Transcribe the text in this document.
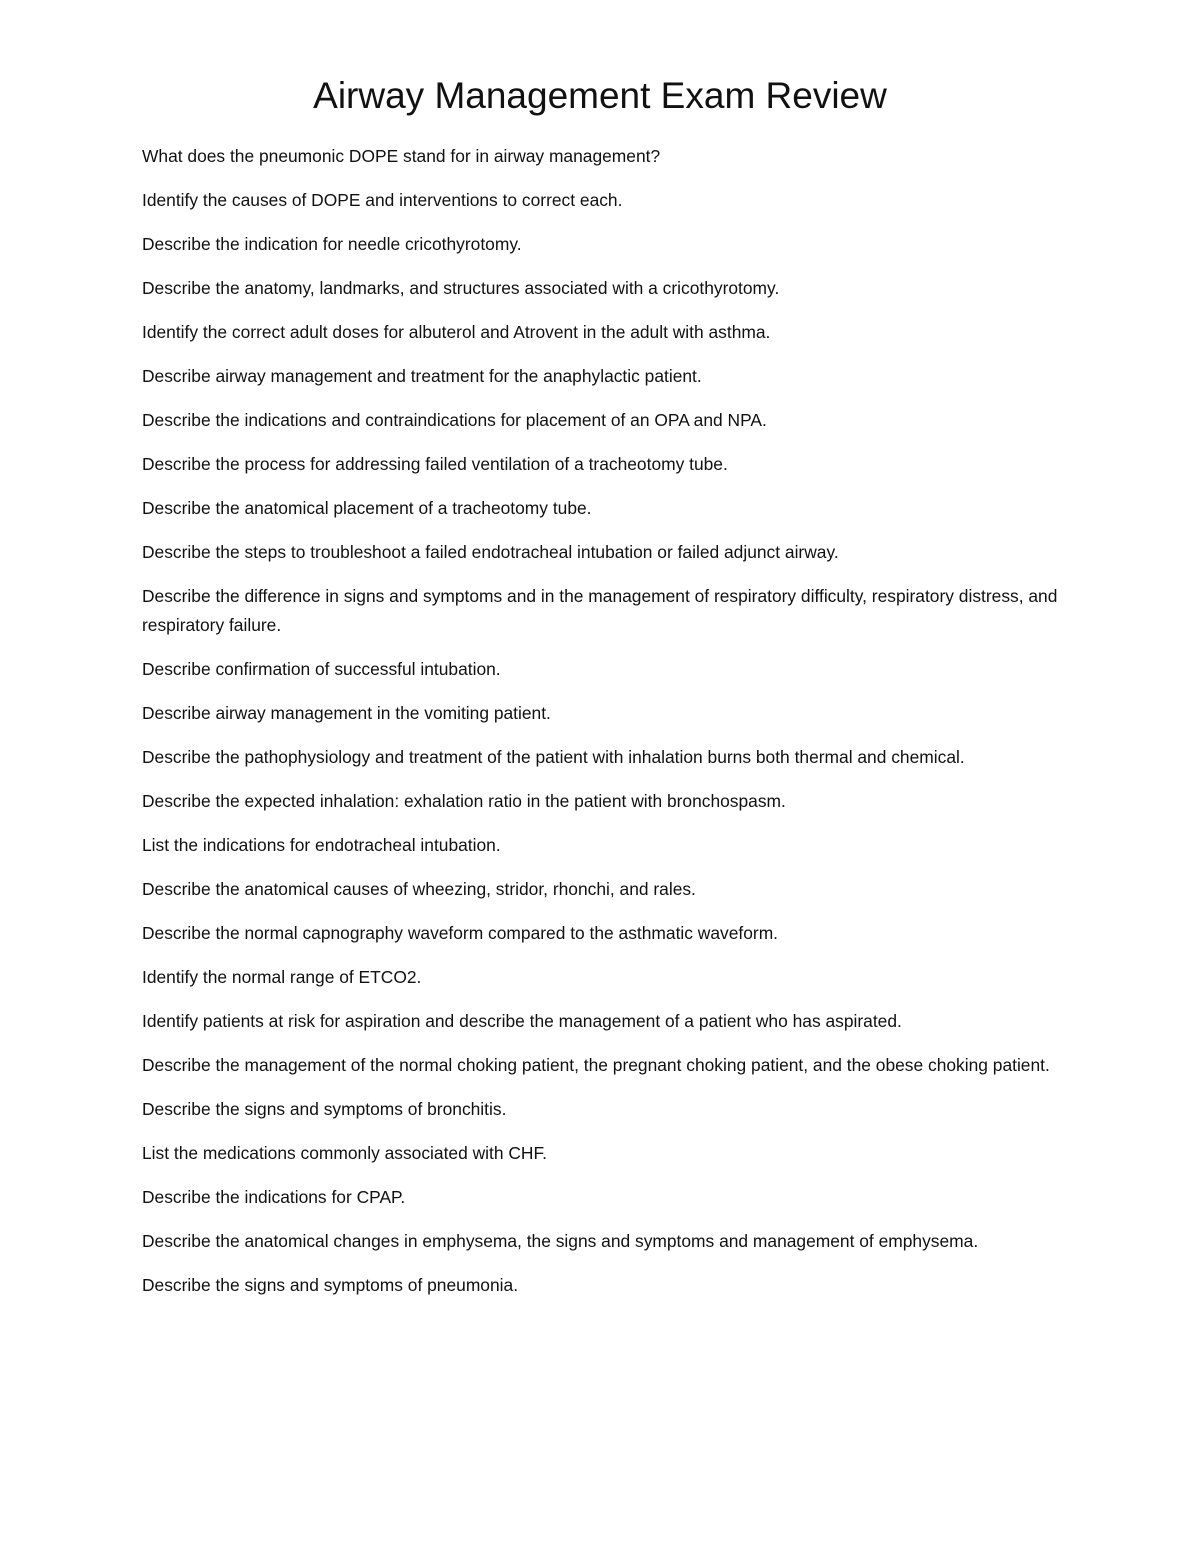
Airway Management Exam Review
What does the pneumonic DOPE stand for in airway management?
Identify the causes of DOPE and interventions to correct each.
Describe the indication for needle cricothyrotomy.
Describe the anatomy, landmarks, and structures associated with a cricothyrotomy.
Identify the correct adult doses for albuterol and Atrovent in the adult with asthma.
Describe airway management and treatment for the anaphylactic patient.
Describe the indications and contraindications for placement of an OPA and NPA.
Describe the process for addressing failed ventilation of a tracheotomy tube.
Describe the anatomical placement of a tracheotomy tube.
Describe the steps to troubleshoot a failed endotracheal intubation or failed adjunct airway.
Describe the difference in signs and symptoms and in the management of respiratory difficulty, respiratory distress, and respiratory failure.
Describe confirmation of successful intubation.
Describe airway management in the vomiting patient.
Describe the pathophysiology and treatment of the patient with inhalation burns both thermal and chemical.
Describe the expected inhalation: exhalation ratio in the patient with bronchospasm.
List the indications for endotracheal intubation.
Describe the anatomical causes of wheezing, stridor, rhonchi, and rales.
Describe the normal capnography waveform compared to the asthmatic waveform.
Identify the normal range of ETCO2.
Identify patients at risk for aspiration and describe the management of a patient who has aspirated.
Describe the management of the normal choking patient, the pregnant choking patient, and the obese choking patient.
Describe the signs and symptoms of bronchitis.
List the medications commonly associated with CHF.
Describe the indications for CPAP.
Describe the anatomical changes in emphysema, the signs and symptoms and management of emphysema.
Describe the signs and symptoms of pneumonia.
